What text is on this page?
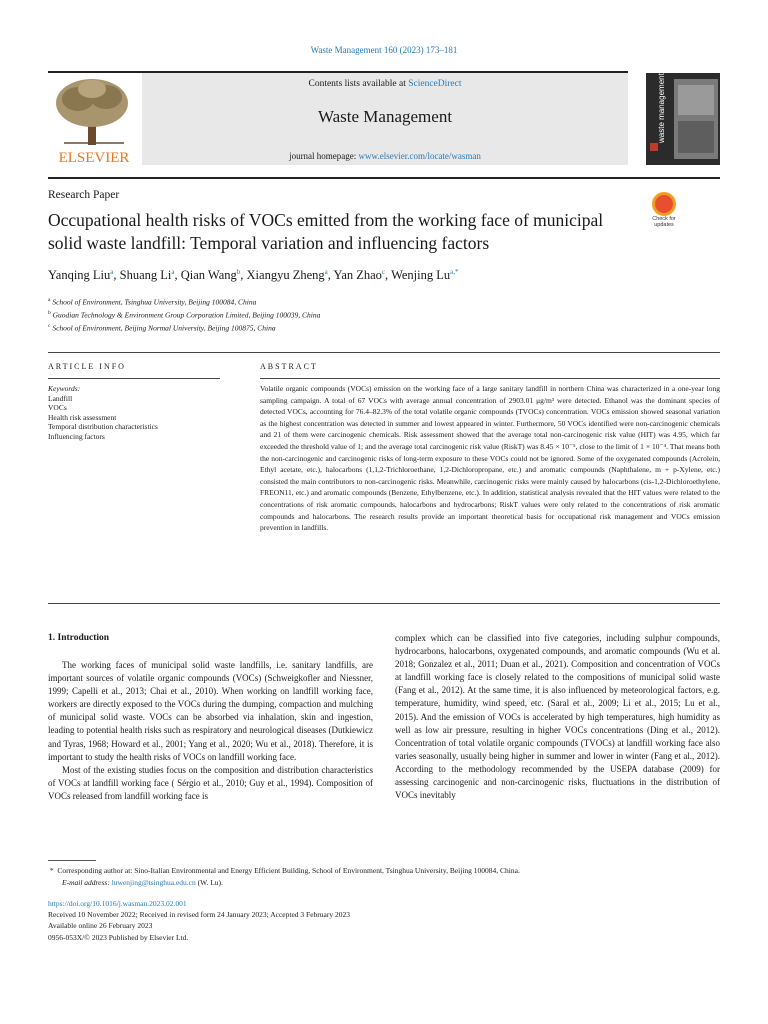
Waste Management 160 (2023) 173–181
ELSEVIER
Contents lists available at ScienceDirect
Waste Management
journal homepage: www.elsevier.com/locate/wasman
waste management
Research Paper
Occupational health risks of VOCs emitted from the working face of municipal solid waste landfill: Temporal variation and influencing factors
Check for updates
Yanqing Liu$^a$, Shuang Li$^a$, Qian Wang$^b$, Xiangyu Zheng$^a$, Yan Zhao$^c$, Wenjing $Lu^{a,*}$
$^a$ School of Environment, Tsinghua University, Beijing 100084, China
$^b$ Guodian Technology & Environment Group Corporation Limited, Beijing 100039, China
$^c$ School of Environment, Beijing Normal University, Beijing 100875, China
ARTICLE INFO	ABSTRACT
Keywords:
Landfill
VOCs
Health risk assessment
Temporal distribution characteristics
Influencing factors
Volatile organic compounds (VOCs) emission on the working face of a large sanitary landfill in northern China was characterized in a one-year long sampling campaign. A total of 67 VOCs with average annual concentration of 2903.01 μg/m³ were detected. Ethanol was the dominant species of detected VOCs, accounting for 76.4–82.3% of the total volatile organic compounds (TVOCs) concentration. VOCs emission showed seasonal variation as the highest concentration was detected in summer and lowest appeared in winter. Furthermore, 50 VOCs identified were non-carcinogenic chemicals and 21 of them were carcinogenic chemicals. Risk assessment showed that the average total non-carcinogenic risk value (HIT) was 4.95, which far exceeded the threshold value of 1; and the average total carcinogenic risk value (RiskT) was 8.45 × 10⁻⁵, close to the limit of 1 × 10⁻⁴. That means both the non-carcinogenic and carcinogenic risks of long-term exposure to these VOCs could not be ignored. Some of the oxygenated compounds (Acrolein, Ethyl acetate, etc.), halocarbons (1,1,2-Trichloroethane, 1,2-Dichloropropane, etc.) and aromatic compounds (Naphthalene, m + p-Xylene, etc.) consisted the main contributors to non-carcinogenic risks. Meanwhile, carcinogenic risks were mainly caused by halocarbons (cis-1,2-Dichloroethylene, FREON11, etc.) and aromatic compounds (Benzene, Ethylbenzene, etc.). In addition, statistical analysis revealed that the HIT values were related to the concentrations of risk aromatic compounds, halocarbons and hydrocarbons; RiskT values were only related to the concentrations of risk aromatic compounds and halocarbons. The research results provide an important theoretical basis for occupational risk management and VOCs emission prevention in landfills.
1. Introduction

The working faces of municipal solid waste landfills, i.e. sanitary landfills, are important sources of volatile organic compounds (VOCs) (Schweigkofler and Niessner, 1999; Capelli et al., 2013; Chai et al., 2010). When working on landfill working face, workers are directly exposed to the VOCs during the dumping, compaction and mulching of municipal solid waste. VOCs can be absorbed via inhalation, skin and ingestion, leading to potential health risks such as respiratory and neurological diseases (Dutkiewicz and Tyras, 1968; Howard et al., 2001; Yang et al., 2020; Wu et al., 2018). Therefore, it is important to study the health risks of VOCs on landfill working face.

Most of the existing studies focus on the composition and distribution characteristics of VOCs at landfill working face ( Sérgio et al., 2010; Guy et al., 1994). Composition of VOCs released from landfill working face is

complex which can be classified into five categories, including sulphur compounds, hydrocarbons, halocarbons, oxygenated compounds, and aromatic compounds (Wu et al. 2018; Gonzalez et al., 2011; Duan et al., 2021). Composition and concentration of VOCs at landfill working face is closely related to the compositions of municipal solid waste (Fang et al., 2012). At the same time, it is also influenced by meteorological factors, e.g. temperature, humidity, wind speed, etc. (Saral et al., 2009; Li et al., 2015; Lu et al., 2015). And the emission of VOCs is accelerated by high temperatures, high humidity as well as low air pressure, resulting in higher VOCs concentrations (Ding et al., 2012). Concentration of total volatile organic compounds (TVOCs) at landfill working face also varies seasonally, usually being higher in summer and lower in winter (Fang et al., 2012). According to the methodology recommended by the USEPA database (2009) for assessing carcinogenic and non-carcinogenic risks, fluctuations in the distribution of VOCs inevitably

*  Corresponding author at: Sino-Italian Environmental and Energy Efficient Building, School of Environment, Tsinghua University, Beijing 100084, China.
E-mail address: luwenjing@tsinghua.edu.cn (W. Lu).
https://doi.org/10.1016/j.wasman.2023.02.001
Received 10 November 2022; Received in revised form 24 January 2023; Accepted 3 February 2023
Available online 26 February 2023
0956-053X/© 2023 Published by Elsevier Ltd.
